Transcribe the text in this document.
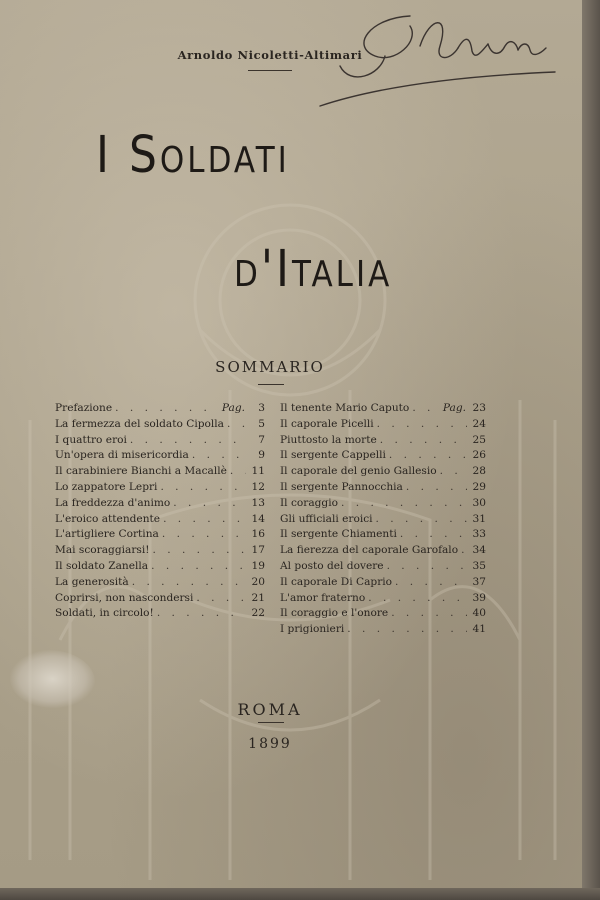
Arnoldo Nicoletti-Altimari
I Soldati
d'Italia
SOMMARIO
Prefazione . . .	Pag.	3
La fermezza del soldato Cipolla . . .	5
I quattro eroi . . .	7
Un'opera di misericordia . . .	9
Il carabiniere Bianchi a Macallè . . . 11
Lo zappatore Lepri . . .	12
La freddezza d'animo . . .	13
L'eroico attendente . . .	14
L'artigliere Cortina . . .	16
Mai scoraggiarsi! . . .	17
Il soldato Zanella . . .	19
La generosità . . .	20
Coprirsi, non nascondersi . . .	21
Soldati, in circolo! . . .	22
Il tenente Mario Caputo . . .	Pag. 23
Il caporale Picelli . . .	24
Piuttosto la morte . . .	25
Il sergente Cappelli . . .	26
Il caporale del genio Gallesio . . .	28
Il sergente Pannocchia . . .	29
Il coraggio . . .	30
Gli ufficiali eroici . . .	31
Il sergente Chiamenti . . .	33
La fierezza del caporale Garofalo . . . 34
Al posto del dovere . . .	35
Il caporale Di Caprio . . .	37
L'amor fraterno . . .	39
Il coraggio e l'onore . . .	40
I prigionieri . . .	41
ROMA
1899
